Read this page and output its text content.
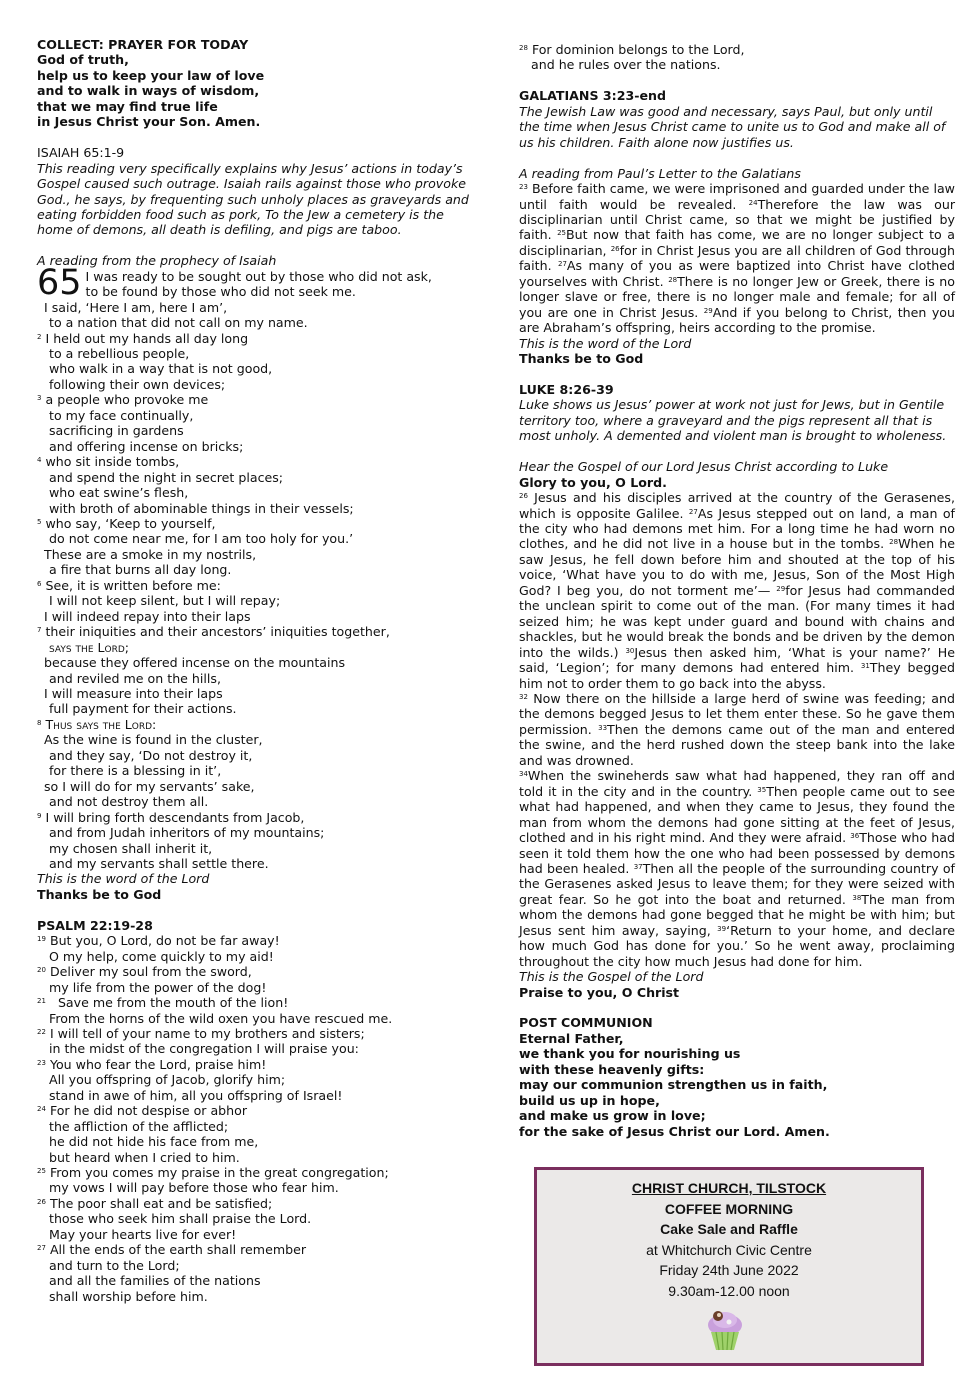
COLLECT: PRAYER FOR TODAY
God of truth,
help us to keep your law of love
and to walk in ways of wisdom,
that we may find true life
in Jesus Christ your Son. Amen.
ISAIAH 65:1-9
This reading very specifically explains why Jesus’ actions in today’s Gospel caused such outrage. Isaiah rails against those who provoke God., he says, by frequenting such unholy places as graveyards and eating forbidden food such as pork, To the Jew a cemetery is the home of demons, all death is defiling, and pigs are taboo.
A reading from the prophecy of Isaiah
65 I was ready to be sought out by those who did not ask,
to be found by those who did not seek me.
I said, ‘Here I am, here I am’,
to a nation that did not call on my name.
$^2$ I held out my hands all day long
to a rebellious people,
who walk in a way that is not good,
following their own devices;
$^3$ a people who provoke me
to my face continually,
sacrificing in gardens
and offering incense on bricks;
$^4$ who sit inside tombs,
and spend the night in secret places;
who eat swine’s flesh,
with broth of abominable things in their vessels;
$^5$ who say, ‘Keep to yourself,
do not come near me, for I am too holy for you.’
These are a smoke in my nostrils,
a fire that burns all day long.
$^6$ See, it is written before me:
I will not keep silent, but I will repay;
I will indeed repay into their laps
$^7$ their iniquities and their ancestors’ iniquities together,
says the Lord;
because they offered incense on the mountains
and reviled me on the hills,
I will measure into their laps
full payment for their actions.
$^8$ Thus says the Lord:
As the wine is found in the cluster,
and they say, ‘Do not destroy it,
for there is a blessing in it’,
so I will do for my servants’ sake,
and not destroy them all.
$^9$ I will bring forth descendants from Jacob,
and from Judah inheritors of my mountains;
my chosen shall inherit it,
and my servants shall settle there.
This is the word of the Lord
Thanks be to God
PSALM 22:19-28
$^{19}$ But you, O Lord, do not be far away!
O my help, come quickly to my aid!
$^{20}$ Deliver my soul from the sword,
my life from the power of the dog!
$^{21}$ Save me from the mouth of the lion!
From the horns of the wild oxen you have rescued me.
$^{22}$ I will tell of your name to my brothers and sisters;
in the midst of the congregation I will praise you:
$^{23}$ You who fear the Lord, praise him!
All you offspring of Jacob, glorify him;
stand in awe of him, all you offspring of Israel!
$^{24}$ For he did not despise or abhor
the affliction of the afflicted;
he did not hide his face from me,
but heard when I cried to him.
$^{25}$ From you comes my praise in the great congregation;
my vows I will pay before those who fear him.
$^{26}$ The poor shall eat and be satisfied;
those who seek him shall praise the Lord.
May your hearts live for ever!
$^{27}$ All the ends of the earth shall remember
and turn to the Lord;
and all the families of the nations
shall worship before him.
$^{28}$ For dominion belongs to the Lord,
and he rules over the nations.
GALATIANS 3:23-end
The Jewish Law was good and necessary, says Paul, but only until the time when Jesus Christ came to unite us to God and make all of us his children. Faith alone now justifies us.
A reading from Paul’s Letter to the Galatians
$^{23}$ Before faith came, we were imprisoned and guarded under the law until faith would be revealed. $^{24}$Therefore the law was our disciplinarian until Christ came, so that we might be justified by faith. $^{25}$But now that faith has come, we are no longer subject to a disciplinarian, $^{26}$for in Christ Jesus you are all children of God through faith. $^{27}$As many of you as were baptized into Christ have clothed yourselves with Christ. $^{28}$There is no longer Jew or Greek, there is no longer slave or free, there is no longer male and female; for all of you are one in Christ Jesus. $^{29}$And if you belong to Christ, then you are Abraham’s offspring, heirs according to the promise.
This is the word of the Lord
Thanks be to God
LUKE 8:26-39
Luke shows us Jesus’ power at work not just for Jews, but in Gentile territory too, where a graveyard and the pigs represent all that is most unholy. A demented and violent man is brought to wholeness.
Hear the Gospel of our Lord Jesus Christ according to Luke
Glory to you, O Lord.
$^{26}$ Jesus and his disciples arrived at the country of the Gerasenes, which is opposite Galilee. $^{27}$As Jesus stepped out on land, a man of the city who had demons met him. For a long time he had worn no clothes, and he did not live in a house but in the tombs. $^{28}$When he saw Jesus, he fell down before him and shouted at the top of his voice, ‘What have you to do with me, Jesus, Son of the Most High God? I beg you, do not torment me’— $^{29}$for Jesus had commanded the unclean spirit to come out of the man. (For many times it had seized him; he was kept under guard and bound with chains and shackles, but he would break the bonds and be driven by the demon into the wilds.) $^{30}$Jesus then asked him, ‘What is your name?’ He said, ‘Legion’; for many demons had entered him. $^{31}$They begged him not to order them to go back into the abyss.
$^{32}$ Now there on the hillside a large herd of swine was feeding; and the demons begged Jesus to let them enter these. So he gave them permission. $^{33}$Then the demons came out of the man and entered the swine, and the herd rushed down the steep bank into the lake and was drowned.
$^{34}$When the swineherds saw what had happened, they ran off and told it in the city and in the country. $^{35}$Then people came out to see what had happened, and when they came to Jesus, they found the man from whom the demons had gone sitting at the feet of Jesus, clothed and in his right mind. And they were afraid. $^{36}$Those who had seen it told them how the one who had been possessed by demons had been healed. $^{37}$Then all the people of the surrounding country of the Gerasenes asked Jesus to leave them; for they were seized with great fear. So he got into the boat and returned. $^{38}$The man from whom the demons had gone begged that he might be with him; but Jesus sent him away, saying, $^{39}$‘Return to your home, and declare how much God has done for you.’ So he went away, proclaiming throughout the city how much Jesus had done for him.
This is the Gospel of the Lord
Praise to you, O Christ
POST COMMUNION
Eternal Father,
we thank you for nourishing us
with these heavenly gifts:
may our communion strengthen us in faith,
build us up in hope,
and make us grow in love;
for the sake of Jesus Christ our Lord. Amen.
CHRIST CHURCH, TILSTOCK
COFFEE MORNING
Cake Sale and Raffle
at Whitchurch Civic Centre
Friday 24th June 2022
9.30am-12.00 noon
